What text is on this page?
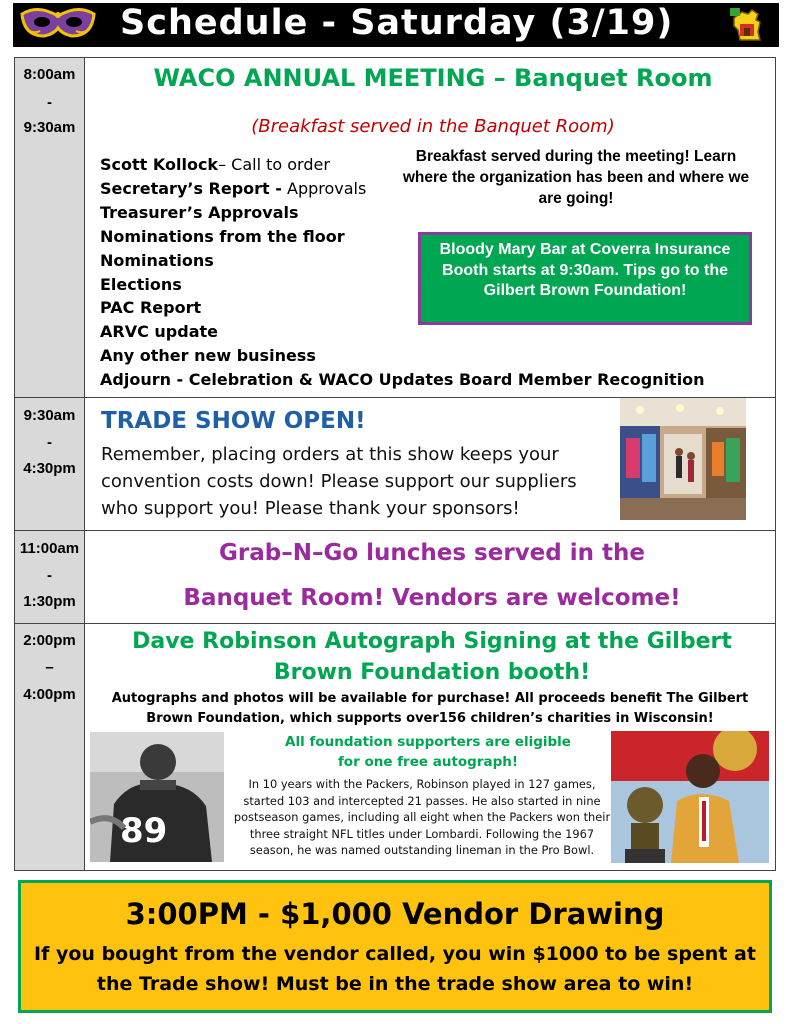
Schedule - Saturday (3/19)
8:00am
-
9:30am
WACO ANNUAL MEETING – Banquet Room
(Breakfast served in the Banquet Room)
Scott Kollock– Call to order
Secretary’s Report - Approvals
Treasurer’s Approvals
Nominations from the floor
Nominations
Elections
PAC Report
ARVC update
Any other new business
Adjourn - Celebration & WACO Updates Board Member Recognition
Breakfast served during the meeting! Learn where the organization has been and where we are going!
Bloody Mary Bar at Coverra Insurance Booth starts at 9:30am. Tips go to the Gilbert Brown Foundation!
9:30am
-
4:30pm
TRADE SHOW OPEN!
Remember, placing orders at this show keeps your convention costs down! Please support our suppliers who support you! Please thank your sponsors!
11:00am
-
1:30pm
Grab–N–Go lunches served in the
Banquet Room! Vendors are welcome!
2:00pm
–
4:00pm
Dave Robinson Autograph Signing at the Gilbert
Brown Foundation booth!
Autographs and photos will be available for purchase! All proceeds benefit The Gilbert Brown Foundation, which supports over156 children’s charities in Wisconsin!
All foundation supporters are eligible
for one free autograph!
In 10 years with the Packers, Robinson played in 127 games, started 103 and intercepted 21 passes. He also started in nine postseason games, including all eight when the Packers won their three straight NFL titles under Lombardi. Following the 1967 season, he was named outstanding lineman in the Pro Bowl.
89
3:00PM - $1,000 Vendor Drawing
If you bought from the vendor called, you win $1000 to be spent at the Trade show! Must be in the trade show area to win!
